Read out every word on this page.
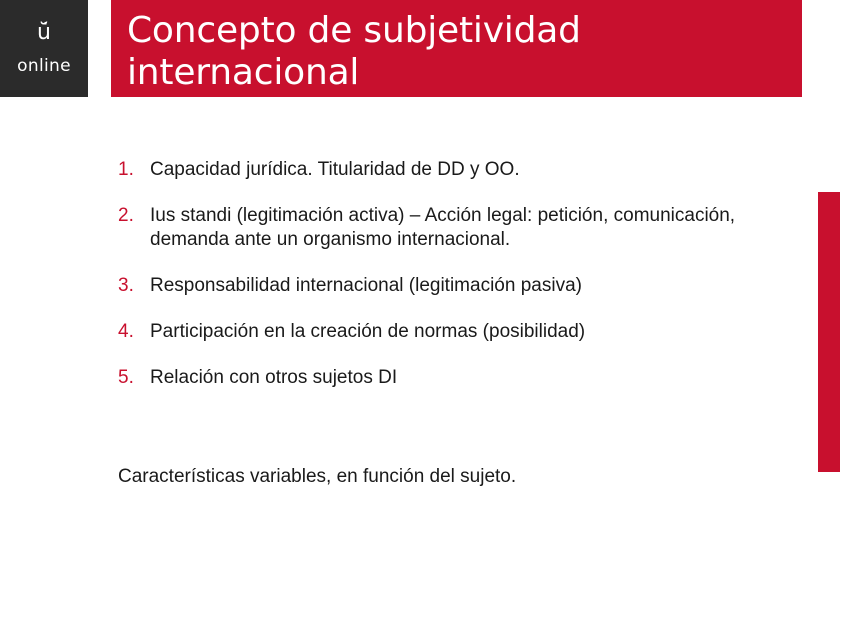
ŭ̇
online
Concepto de subjetividad
internacional
1. Capacidad jurídica. Titularidad de DD y OO.
2. Ius standi (legitimación activa) – Acción legal: petición, comunicación, demanda ante un organismo internacional.
3. Responsabilidad internacional (legitimación pasiva)
4. Participación en la creación de normas (posibilidad)
5. Relación con otros sujetos DI

Características variables, en función del sujeto.
